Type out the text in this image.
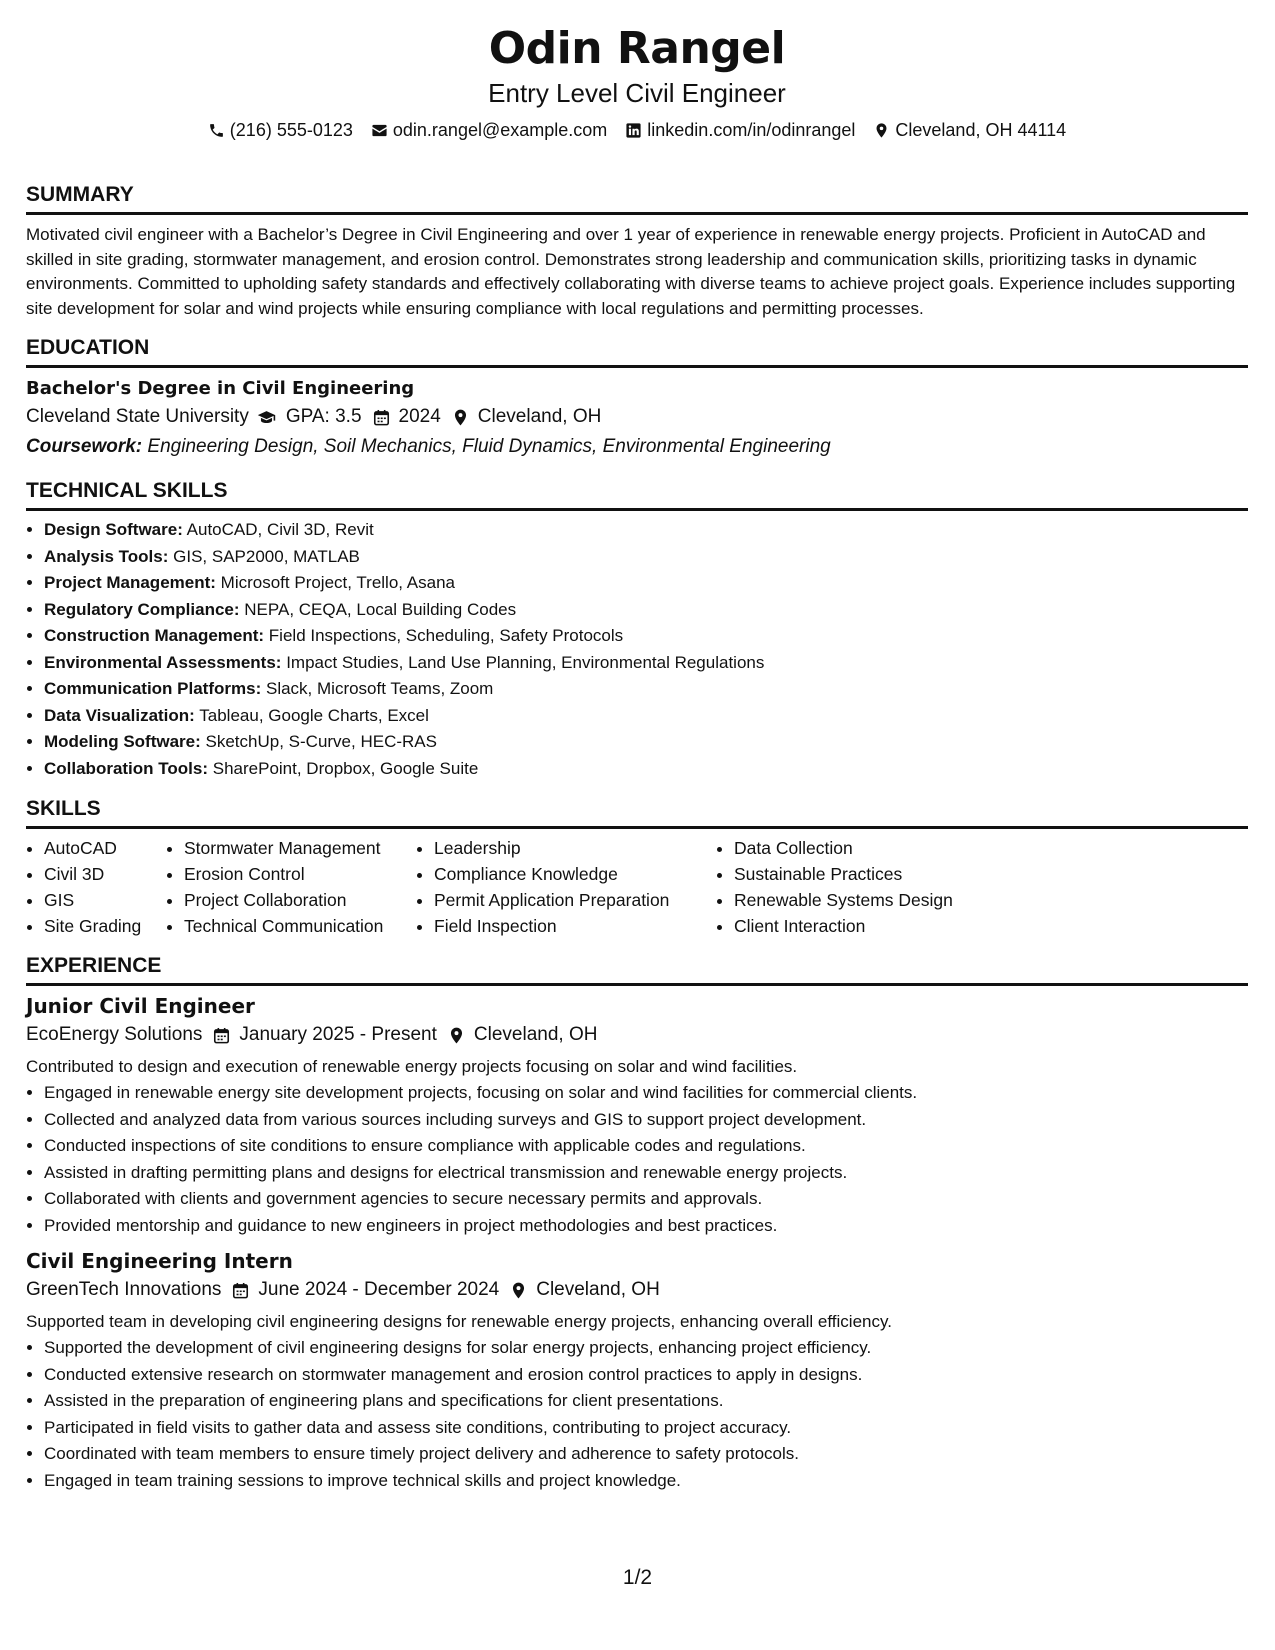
Odin Rangel

Entry Level Civil Engineer

(216) 555-0123 odin.rangel@example.com linkedin.com/in/odinrangel Cleveland, OH 44114
SUMMARY

Motivated civil engineer with a Bachelor’s Degree in Civil Engineering and over 1 year of experience in renewable energy projects. Proficient in AutoCAD and skilled in site grading, stormwater management, and erosion control. Demonstrates strong leadership and communication skills, prioritizing tasks in dynamic environments. Committed to upholding safety standards and effectively collaborating with diverse teams to achieve project goals. Experience includes supporting site development for solar and wind projects while ensuring compliance with local regulations and permitting processes.

EDUCATION

Bachelor's Degree in Civil Engineering

Cleveland State University GPA: 3.5 2024 Cleveland, OH

Coursework: Engineering Design, Soil Mechanics, Fluid Dynamics, Environmental Engineering

TECHNICAL SKILLS
• Design Software: AutoCAD, Civil 3D, Revit
• Analysis Tools: GIS, SAP2000, MATLAB
• Project Management: Microsoft Project, Trello, Asana
• Regulatory Compliance: NEPA, CEQA, Local Building Codes
• Construction Management: Field Inspections, Scheduling, Safety Protocols
• Environmental Assessments: Impact Studies, Land Use Planning, Environmental Regulations
• Communication Platforms: Slack, Microsoft Teams, Zoom
• Data Visualization: Tableau, Google Charts, Excel
• Modeling Software: SketchUp, S-Curve, HEC-RAS
• Collaboration Tools: SharePoint, Dropbox, Google Suite
SKILLS
• AutoCAD
• Civil 3D
• GIS
• Site Grading
• Stormwater Management
• Erosion Control
• Project Collaboration
• Technical Communication
• Leadership
• Compliance Knowledge
• Permit Application Preparation
• Field Inspection
• Data Collection
• Sustainable Practices
• Renewable Systems Design
• Client Interaction
EXPERIENCE

Junior Civil Engineer

EcoEnergy Solutions January 2025 - Present Cleveland, OH

Contributed to design and execution of renewable energy projects focusing on solar and wind facilities.

• Engaged in renewable energy site development projects, focusing on solar and wind facilities for commercial clients.
• Collected and analyzed data from various sources including surveys and GIS to support project development.
• Conducted inspections of site conditions to ensure compliance with applicable codes and regulations.
• Assisted in drafting permitting plans and designs for electrical transmission and renewable energy projects.
• Collaborated with clients and government agencies to secure necessary permits and approvals.
• Provided mentorship and guidance to new engineers in project methodologies and best practices.

Civil Engineering Intern

GreenTech Innovations June 2024 - December 2024 Cleveland, OH

Supported team in developing civil engineering designs for renewable energy projects, enhancing overall efficiency.

• Supported the development of civil engineering designs for solar energy projects, enhancing project efficiency.
• Conducted extensive research on stormwater management and erosion control practices to apply in designs.
• Assisted in the preparation of engineering plans and specifications for client presentations.
• Participated in field visits to gather data and assess site conditions, contributing to project accuracy.
• Coordinated with team members to ensure timely project delivery and adherence to safety protocols.
• Engaged in team training sessions to improve technical skills and project knowledge.
1/2
